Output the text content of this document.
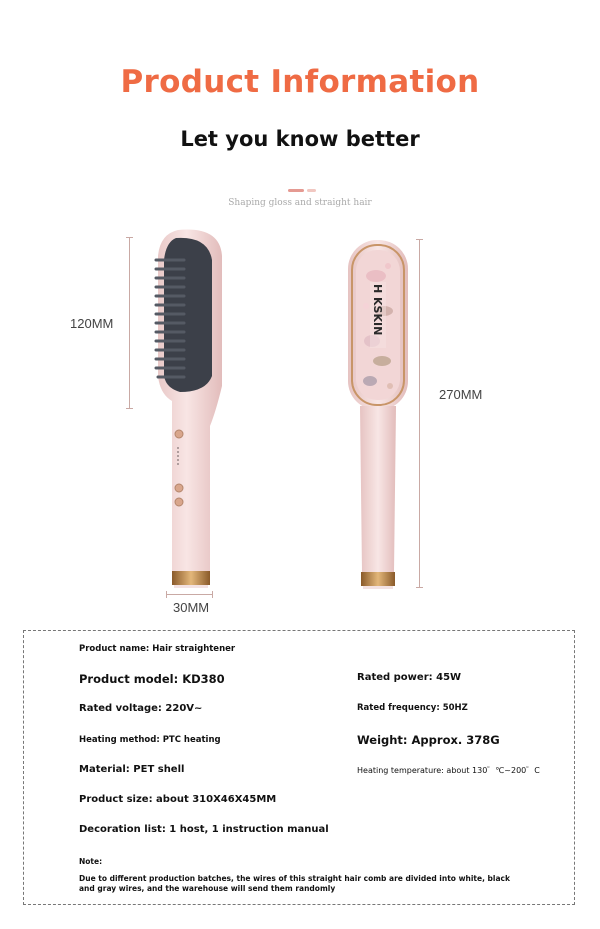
Product Information
Let you know better
Shaping gloss and straight hair
120MM
270MM
30MM
H KSKIN
Product name: Hair straightener
Product model: KD380	Rated power: 45W
Rated voltage: 220V~	Rated frequency: 50HZ
Heating method: PTC heating	Weight: Approx. 378G
Material: PET shell	Heating temperature: about 130゜℃~200゜C
Product size: about 310X46X45MM
Decoration list: 1 host, 1 instruction manual
Note:
Due to different production batches, the wires of this straight hair comb are divided into white, black and gray wires, and the warehouse will send them randomly
